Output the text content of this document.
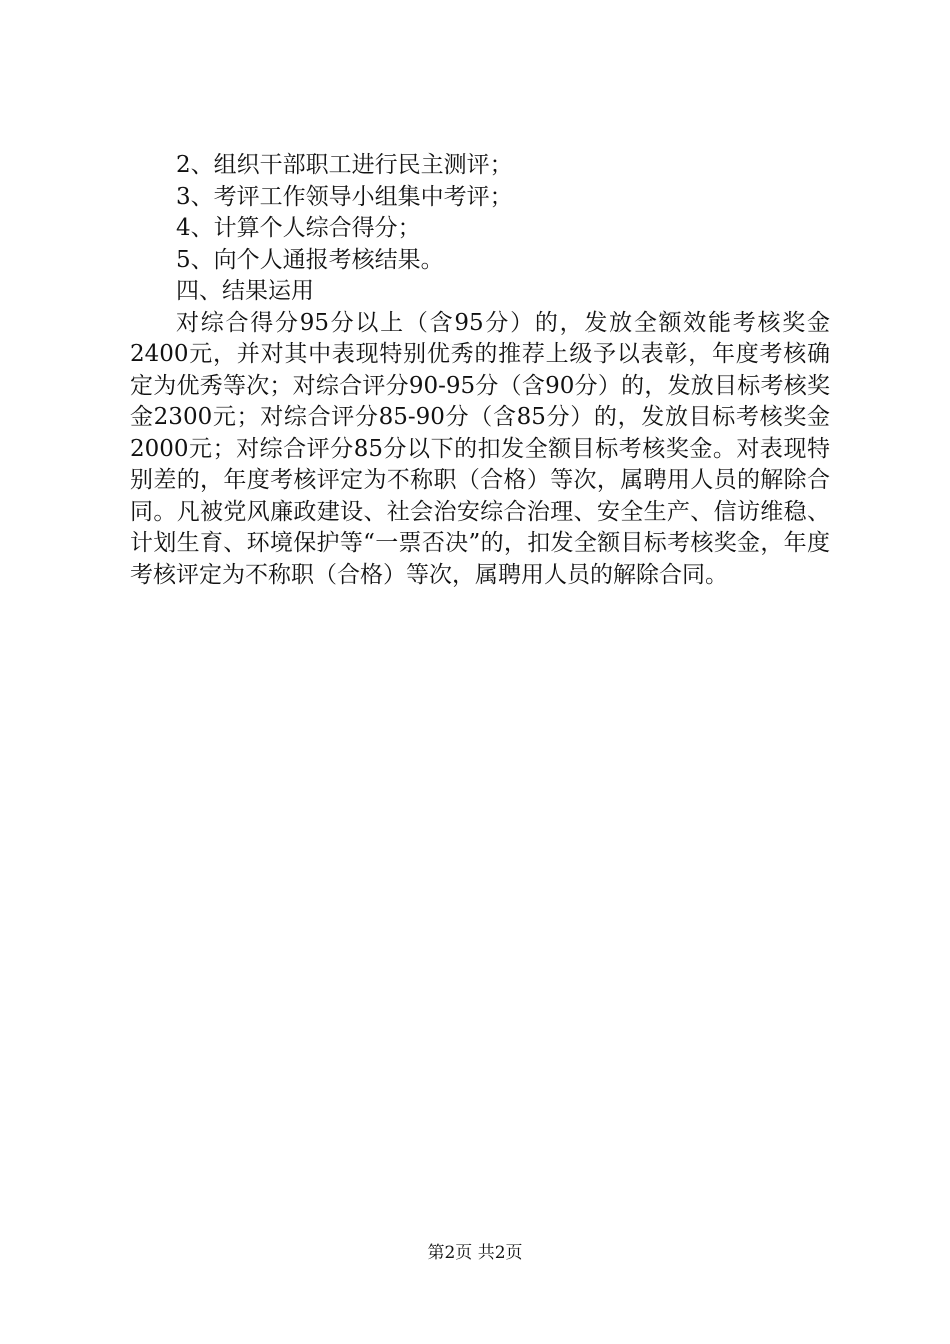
2、组织干部职工进行民主测评；
3、考评工作领导小组集中考评；
4、计算个人综合得分；
5、向个人通报考核结果。
四、结果运用

对综合得分95分以上（含95分）的，发放全额效能考核奖金2400元，并对其中表现特别优秀的推荐上级予以表彰，年度考核确定为优秀等次；对综合评分90-95分（含90分）的，发放目标考核奖金2300元；对综合评分85-90分（含85分）的，发放目标考核奖金2000元；对综合评分85分以下的扣发全额目标考核奖金。对表现特别差的，年度考核评定为不称职（合格）等次，属聘用人员的解除合同。凡被党风廉政建设、社会治安综合治理、安全生产、信访维稳、计划生育、环境保护等“一票否决”的，扣发全额目标考核奖金，年度考核评定为不称职（合格）等次，属聘用人员的解除合同。

第2页 共2页
